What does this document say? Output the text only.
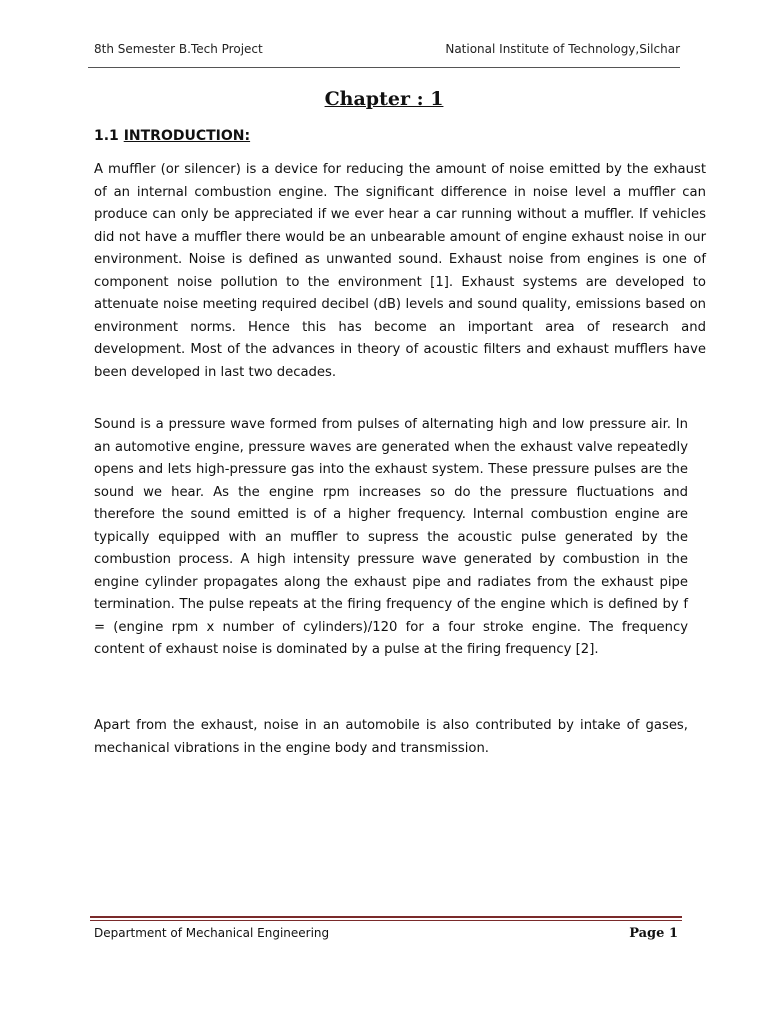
8th Semester B.Tech Project	National Institute of Technology,Silchar
Chapter : 1
1.1 INTRODUCTION:

A muffler (or silencer) is a device for reducing the amount of noise emitted by the exhaust of an internal combustion engine. The significant difference in noise level a muffler can produce can only be appreciated if we ever hear a car running without a muffler. If vehicles did not have a muffler there would be an unbearable amount of engine exhaust noise in our environment. Noise is defined as unwanted sound. Exhaust noise from engines is one of component noise pollution to the environment [1]. Exhaust systems are developed to attenuate noise meeting required decibel (dB) levels and sound quality, emissions based on environment norms. Hence this has become an important area of research and development. Most of the advances in theory of acoustic filters and exhaust mufflers have been developed in last two decades.

Sound is a pressure wave formed from pulses of alternating high and low pressure air. In an automotive engine, pressure waves are generated when the exhaust valve repeatedly opens and lets high-pressure gas into the exhaust system. These pressure pulses are the sound we hear. As the engine rpm increases so do the pressure fluctuations and therefore the sound emitted is of a higher frequency. Internal combustion engine are typically equipped with an muffler to supress the acoustic pulse generated by the combustion process. A high intensity pressure wave generated by combustion in the engine cylinder propagates along the exhaust pipe and radiates from the exhaust pipe termination. The pulse repeats at the firing frequency of the engine which is defined by f = (engine rpm x number of cylinders)/120 for a four stroke engine. The frequency content of exhaust noise is dominated by a pulse at the firing frequency [2].

Apart from the exhaust, noise in an automobile is also contributed by intake of gases, mechanical vibrations in the engine body and transmission.

Department of Mechanical Engineering	Page 1
